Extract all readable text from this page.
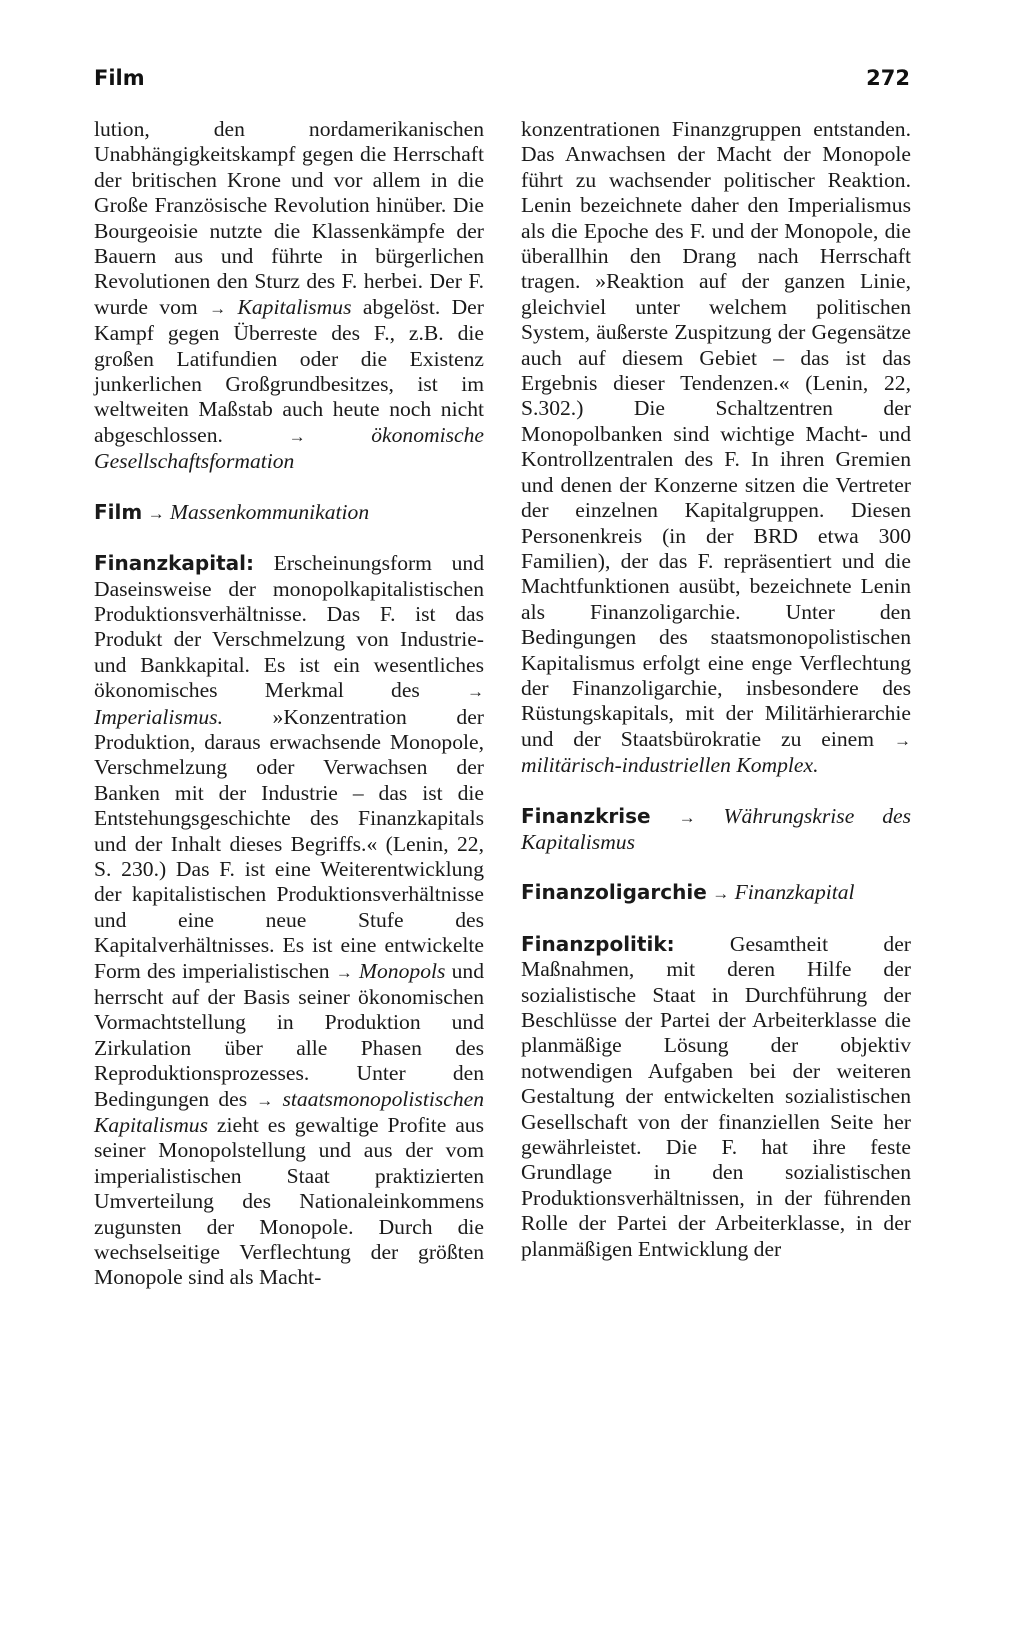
Film	272

lution, den nordamerikanischen Unabhängigkeitskampf gegen die Herrschaft der britischen Krone und vor allem in die Große Französische Revolution hinüber. Die Bourgeoisie nutzte die Klassenkämpfe der Bauern aus und führte in bürgerlichen Revolutionen den Sturz des F. herbei. Der F. wurde vom → Kapitalismus abgelöst. Der Kampf gegen Überreste des F., z.B. die großen Latifundien oder die Existenz junkerlichen Großgrundbesitzes, ist im weltweiten Maßstab auch heute noch nicht abgeschlossen.	→	ökonomische Gesellschaftsformation

Film → Massenkommunikation

Finanzkapital: Erscheinungsform und Daseinsweise der monopolkapitalistischen Produktionsverhältnisse. Das F. ist das Produkt der Verschmelzung von Industrie- und Bankkapital. Es ist ein wesentliches ökonomisches Merkmal des	→ Imperialismus. »Konzentration der Produktion, daraus erwachsende Monopole, Verschmelzung oder Verwachsen der Banken mit der Industrie – das ist die Entstehungsgeschichte des Finanzkapitals und der Inhalt dieses Begriffs.« (Lenin, 22, S. 230.) Das F. ist eine Weiterentwicklung der kapitalistischen Produktionsverhältnisse und eine neue Stufe des Kapitalverhältnisses. Es ist eine entwickelte Form des imperialistischen → Monopols und herrscht auf der Basis seiner ökonomischen Vormachtstellung in Produktion und Zirkulation über alle Phasen des Reproduktionsprozesses. Unter den Bedingungen des → staatsmonopolistischen Kapitalismus zieht es gewaltige Profite aus seiner Monopolstellung und aus der vom imperialistischen Staat praktizierten Umverteilung des Nationaleinkommens zugunsten der Monopole. Durch die wechselseitige Verflechtung der größten Monopole sind als Macht-

konzentrationen Finanzgruppen entstanden. Das Anwachsen der Macht der Monopole führt zu wachsender politischer Reaktion. Lenin bezeichnete daher den Imperialismus als die Epoche des F. und der Monopole, die überallhin den Drang nach Herrschaft tragen. »Reaktion auf der ganzen Linie, gleichviel unter welchem politischen System, äußerste Zuspitzung der Gegensätze auch auf diesem Gebiet – das ist das Ergebnis dieser Tendenzen.« (Lenin, 22, S.302.) Die Schaltzentren der Monopolbanken sind wichtige Macht- und Kontrollzentralen des F. In ihren Gremien und denen der Konzerne sitzen die Vertreter der einzelnen Kapitalgruppen. Diesen Personenkreis (in der BRD etwa 300 Familien), der das F. repräsentiert und die Machtfunktionen ausübt, bezeichnete Lenin als Finanzoligarchie. Unter den Bedingungen des staatsmonopolistischen Kapitalismus erfolgt eine enge Verflechtung der Finanzoligarchie, insbesondere des Rüstungskapitals, mit der Militärhierarchie und der Staatsbürokratie zu einem → militärisch-industriellen Komplex.

Finanzkrise → Währungskrise des Kapitalismus

Finanzoligarchie → Finanzkapital

Finanzpolitik:	Gesamtheit der Maßnahmen, mit deren Hilfe der sozialistische Staat in Durchführung der Beschlüsse der Partei der Arbeiterklasse die planmäßige Lösung der objektiv notwendigen Aufgaben bei der weiteren Gestaltung der entwickelten sozialistischen Gesellschaft von der finanziellen Seite her gewährleistet. Die F. hat ihre feste Grundlage in den sozialistischen Produktionsverhältnissen, in der führenden Rolle der Partei der Arbeiterklasse, in der planmäßigen Entwicklung der
